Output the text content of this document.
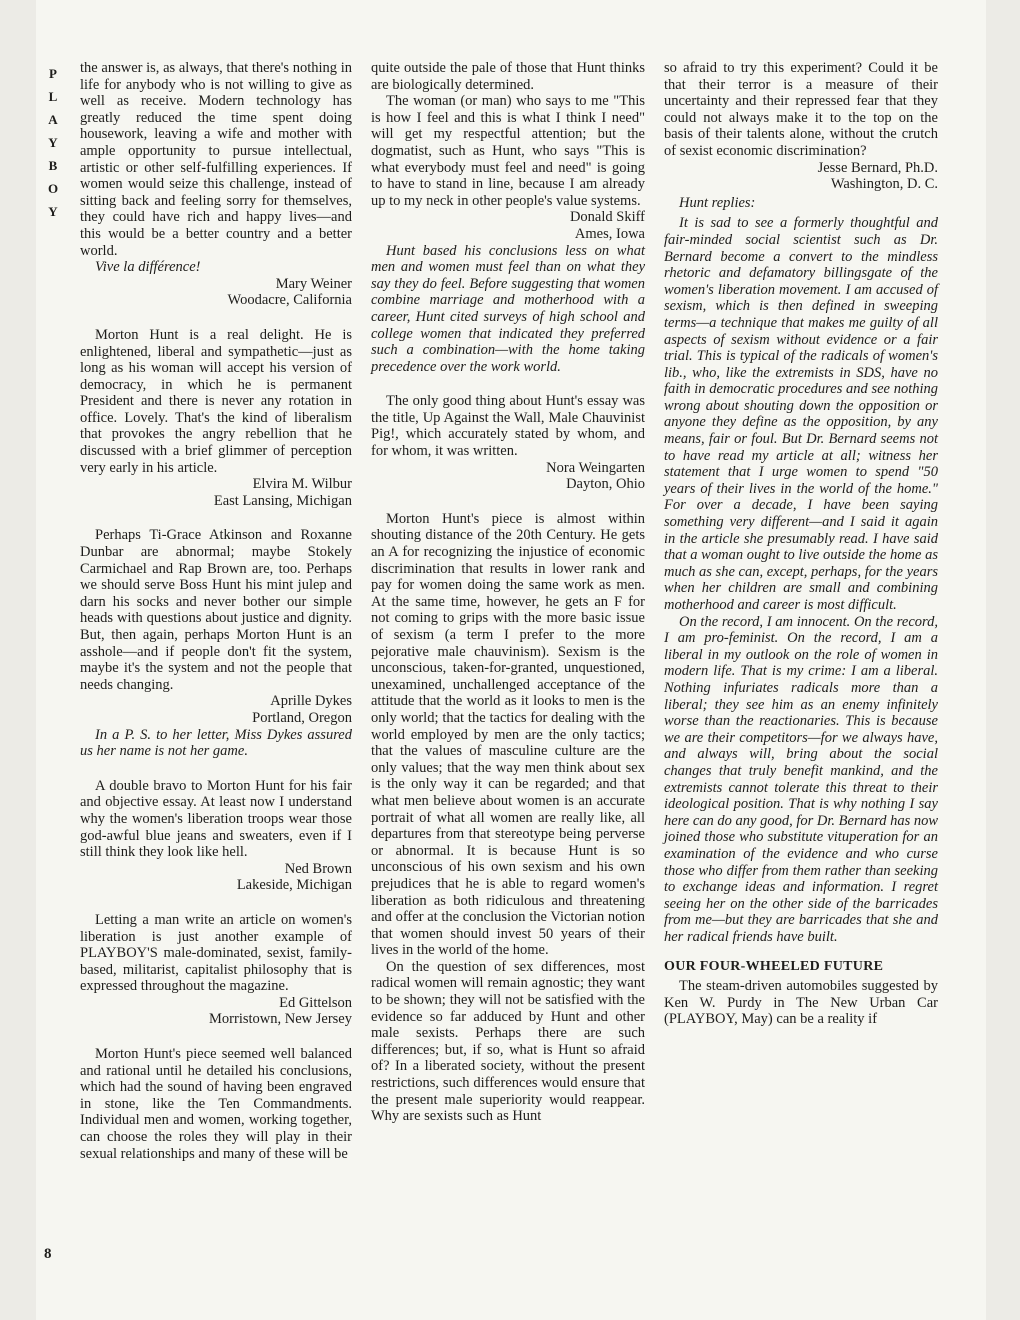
P
L
A
Y
B
O
Y

the answer is, as always, that there's nothing in life for anybody who is not willing to give as well as receive. Modern technology has greatly reduced the time spent doing housework, leaving a wife and mother with ample opportunity to pursue intellectual, artistic or other self-fulfilling experiences. If women would seize this challenge, instead of sitting back and feeling sorry for themselves, they could have rich and happy lives—and this would be a better country and a better world.

Vive la différence!

Mary Weiner
Woodacre, California

Morton Hunt is a real delight. He is enlightened, liberal and sympathetic—just as long as his woman will accept his version of democracy, in which he is permanent President and there is never any rotation in office. Lovely. That's the kind of liberalism that provokes the angry rebellion that he discussed with a brief glimmer of perception very early in his article.

Elvira M. Wilbur
East Lansing, Michigan

Perhaps Ti-Grace Atkinson and Roxanne Dunbar are abnormal; maybe Stokely Carmichael and Rap Brown are, too. Perhaps we should serve Boss Hunt his mint julep and darn his socks and never bother our simple heads with questions about justice and dignity. But, then again, perhaps Morton Hunt is an asshole—and if people don't fit the system, maybe it's the system and not the people that needs changing.

Aprille Dykes
Portland, Oregon

In a P. S. to her letter, Miss Dykes assured us her name is not her game.

A double bravo to Morton Hunt for his fair and objective essay. At least now I understand why the women's liberation troops wear those god-awful blue jeans and sweaters, even if I still think they look like hell.

Ned Brown
Lakeside, Michigan

Letting a man write an article on women's liberation is just another example of PLAYBOY'S male-dominated, sexist, family-based, militarist, capitalist philosophy that is expressed throughout the magazine.

Ed Gittelson
Morristown, New Jersey

Morton Hunt's piece seemed well balanced and rational until he detailed his conclusions, which had the sound of having been engraved in stone, like the Ten Commandments. Individual men and women, working together, can choose the roles they will play in their sexual relationships and many of these will be

quite outside the pale of those that Hunt thinks are biologically determined.

The woman (or man) who says to me "This is how I feel and this is what I think I need" will get my respectful attention; but the dogmatist, such as Hunt, who says "This is what everybody must feel and need" is going to have to stand in line, because I am already up to my neck in other people's value systems.

Donald Skiff
Ames, Iowa

Hunt based his conclusions less on what men and women must feel than on what they say they do feel. Before suggesting that women combine marriage and motherhood with a career, Hunt cited surveys of high school and college women that indicated they preferred such a combination—with the home taking precedence over the work world.

The only good thing about Hunt's essay was the title, Up Against the Wall, Male Chauvinist Pig!, which accurately stated by whom, and for whom, it was written.

Nora Weingarten
Dayton, Ohio

Morton Hunt's piece is almost within shouting distance of the 20th Century. He gets an A for recognizing the injustice of economic discrimination that results in lower rank and pay for women doing the same work as men. At the same time, however, he gets an F for not coming to grips with the more basic issue of sexism (a term I prefer to the more pejorative male chauvinism). Sexism is the unconscious, taken-for-granted, unquestioned, unexamined, unchallenged acceptance of the attitude that the world as it looks to men is the only world; that the tactics for dealing with the world employed by men are the only tactics; that the values of masculine culture are the only values; that the way men think about sex is the only way it can be regarded; and that what men believe about women is an accurate portrait of what all women are really like, all departures from that stereotype being perverse or abnormal. It is because Hunt is so unconscious of his own sexism and his own prejudices that he is able to regard women's liberation as both ridiculous and threatening and offer at the conclusion the Victorian notion that women should invest 50 years of their lives in the world of the home.

On the question of sex differences, most radical women will remain agnostic; they want to be shown; they will not be satisfied with the evidence so far adduced by Hunt and other male sexists. Perhaps there are such differences; but, if so, what is Hunt so afraid of? In a liberated society, without the present restrictions, such differences would ensure that the present male superiority would reappear. Why are sexists such as Hunt

so afraid to try this experiment? Could it be that their terror is a measure of their uncertainty and their repressed fear that they could not always make it to the top on the basis of their talents alone, without the crutch of sexist economic discrimination?

Jesse Bernard, Ph.D.
Washington, D. C.
Hunt replies:

It is sad to see a formerly thoughtful and fair-minded social scientist such as Dr. Bernard become a convert to the mindless rhetoric and defamatory billingsgate of the women's liberation movement. I am accused of sexism, which is then defined in sweeping terms—a technique that makes me guilty of all aspects of sexism without evidence or a fair trial. This is typical of the radicals of women's lib., who, like the extremists in SDS, have no faith in democratic procedures and see nothing wrong about shouting down the opposition or anyone they define as the opposition, by any means, fair or foul. But Dr. Bernard seems not to have read my article at all; witness her statement that I urge women to spend "50 years of their lives in the world of the home." For over a decade, I have been saying something very different—and I said it again in the article she presumably read. I have said that a woman ought to live outside the home as much as she can, except, perhaps, for the years when her children are small and combining motherhood and career is most difficult.

On the record, I am innocent. On the record, I am pro-feminist. On the record, I am a liberal in my outlook on the role of women in modern life. That is my crime: I am a liberal. Nothing infuriates radicals more than a liberal; they see him as an enemy infinitely worse than the reactionaries. This is because we are their competitors—for we always have, and always will, bring about the social changes that truly benefit mankind, and the extremists cannot tolerate this threat to their ideological position. That is why nothing I say here can do any good, for Dr. Bernard has now joined those who substitute vituperation for an examination of the evidence and who curse those who differ from them rather than seeking to exchange ideas and information. I regret seeing her on the other side of the barricades from me—but they are barricades that she and her radical friends have built.

OUR FOUR-WHEELED FUTURE

The steam-driven automobiles suggested by Ken W. Purdy in The New Urban Car (PLAYBOY, May) can be a reality if

8
